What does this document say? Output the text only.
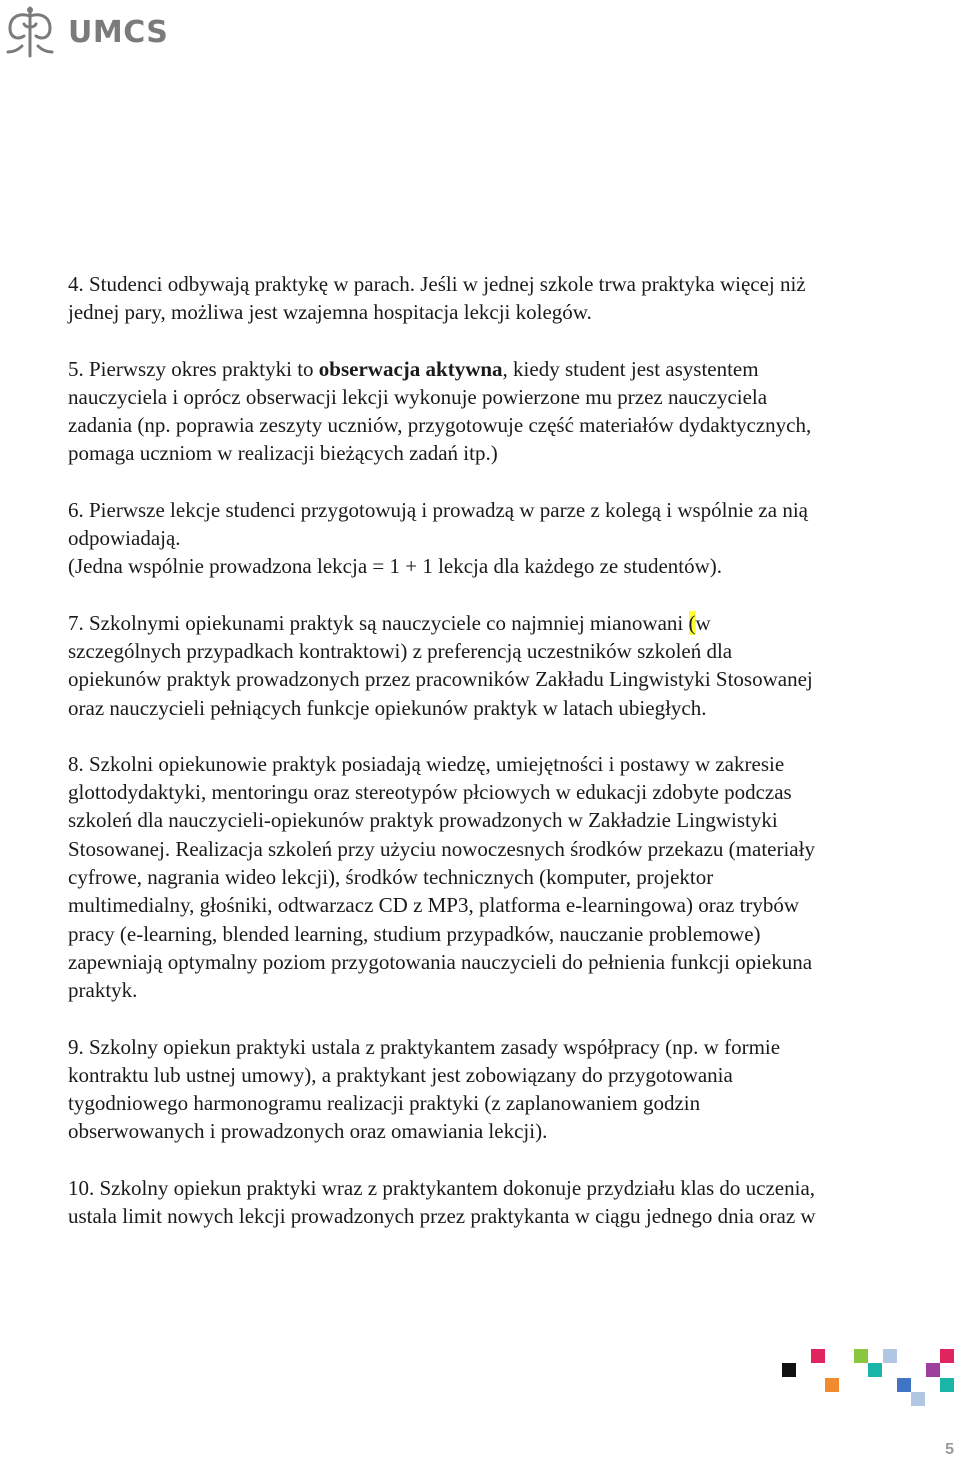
UMCS
4. Studenci odbywają praktykę w parach. Jeśli w jednej szkole trwa praktyka więcej niż
jednej pary, możliwa jest wzajemna hospitacja lekcji kolegów.
5. Pierwszy okres praktyki to obserwacja aktywna, kiedy student jest asystentem
nauczyciela i oprócz obserwacji lekcji wykonuje powierzone mu przez nauczyciela
zadania (np. poprawia zeszyty uczniów, przygotowuje część materiałów dydaktycznych,
pomaga uczniom w realizacji bieżących zadań itp.)
6. Pierwsze lekcje studenci przygotowują i prowadzą w parze z kolegą i wspólnie za nią
odpowiadają.
(Jedna wspólnie prowadzona lekcja = 1 + 1 lekcja dla każdego ze studentów).
7. Szkolnymi opiekunami praktyk są nauczyciele co najmniej mianowani (w
szczególnych przypadkach kontraktowi) z preferencją uczestników szkoleń dla
opiekunów praktyk prowadzonych przez pracowników Zakładu Lingwistyki Stosowanej
oraz nauczycieli pełniących funkcje opiekunów praktyk w latach ubiegłych.
8. Szkolni opiekunowie praktyk posiadają wiedzę, umiejętności i postawy w zakresie
glottodydaktyki, mentoringu oraz stereotypów płciowych w edukacji zdobyte podczas
szkoleń dla nauczycieli-opiekunów praktyk prowadzonych w Zakładzie Lingwistyki
Stosowanej. Realizacja szkoleń przy użyciu nowoczesnych środków przekazu (materiały
cyfrowe, nagrania wideo lekcji), środków technicznych (komputer, projektor
multimedialny, głośniki, odtwarzacz CD z MP3, platforma e-learningowa) oraz trybów
pracy (e-learning, blended learning, studium przypadków, nauczanie problemowe)
zapewniają optymalny poziom przygotowania nauczycieli do pełnienia funkcji opiekuna
praktyk.
9. Szkolny opiekun praktyki ustala z praktykantem zasady współpracy (np. w formie
kontraktu lub ustnej umowy), a praktykant jest zobowiązany do przygotowania
tygodniowego harmonogramu realizacji praktyki (z zaplanowaniem godzin
obserwowanych i prowadzonych oraz omawiania lekcji).
10. Szkolny opiekun praktyki wraz z praktykantem dokonuje przydziału klas do uczenia,
ustala limit nowych lekcji prowadzonych przez praktykanta w ciągu jednego dnia oraz w
5
